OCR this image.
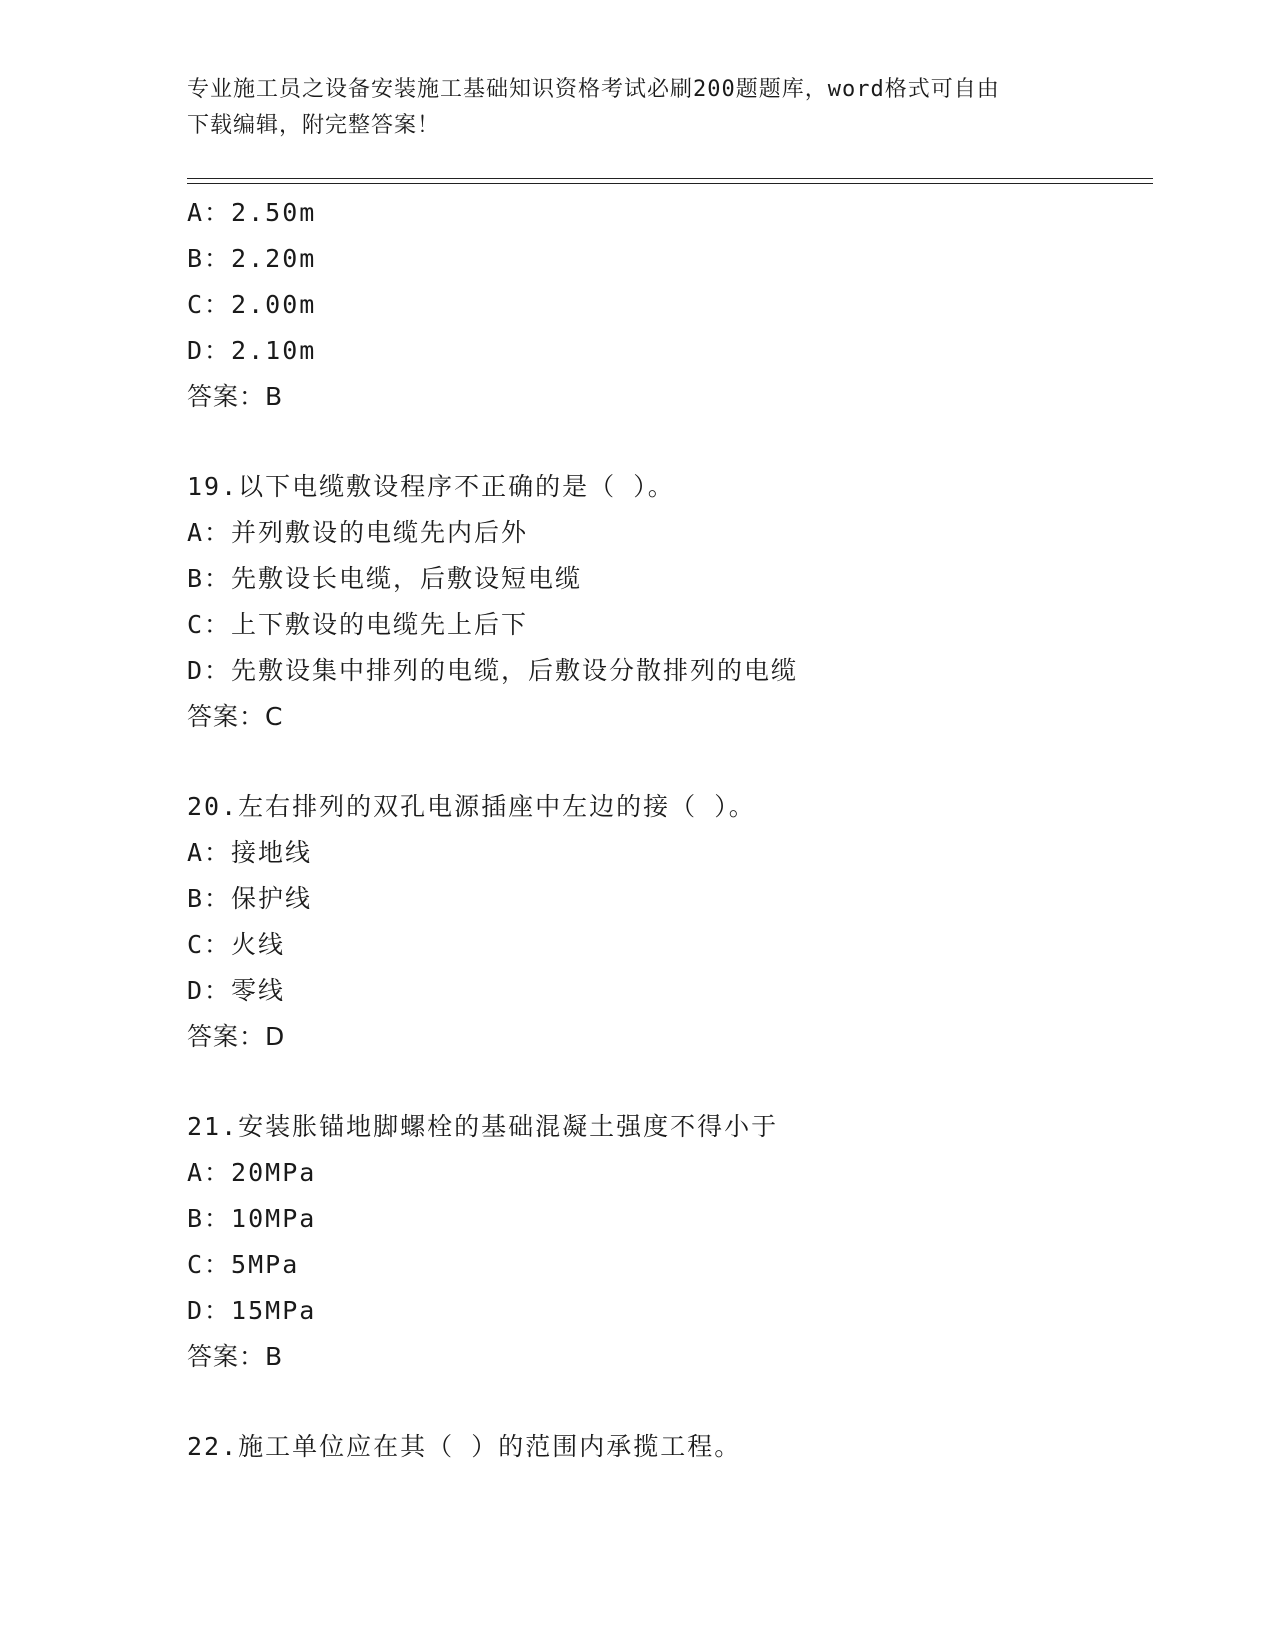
专业施工员之设备安装施工基础知识资格考试必刷200题题库，word格式可自由
下载编辑，附完整答案！
A：2.50m
B：2.20m
C：2.00m
D：2.10m
答案：B
19.以下电缆敷设程序不正确的是（ ）。
A：并列敷设的电缆先内后外
B：先敷设长电缆，后敷设短电缆
C：上下敷设的电缆先上后下
D：先敷设集中排列的电缆，后敷设分散排列的电缆
答案：C
20.左右排列的双孔电源插座中左边的接（ ）。
A：接地线
B：保护线
C：火线
D：零线
答案：D
21.安装胀锚地脚螺栓的基础混凝土强度不得小于
A：20MPa
B：10MPa
C：5MPa
D：15MPa
答案：B
22.施工单位应在其（ ）的范围内承揽工程。
